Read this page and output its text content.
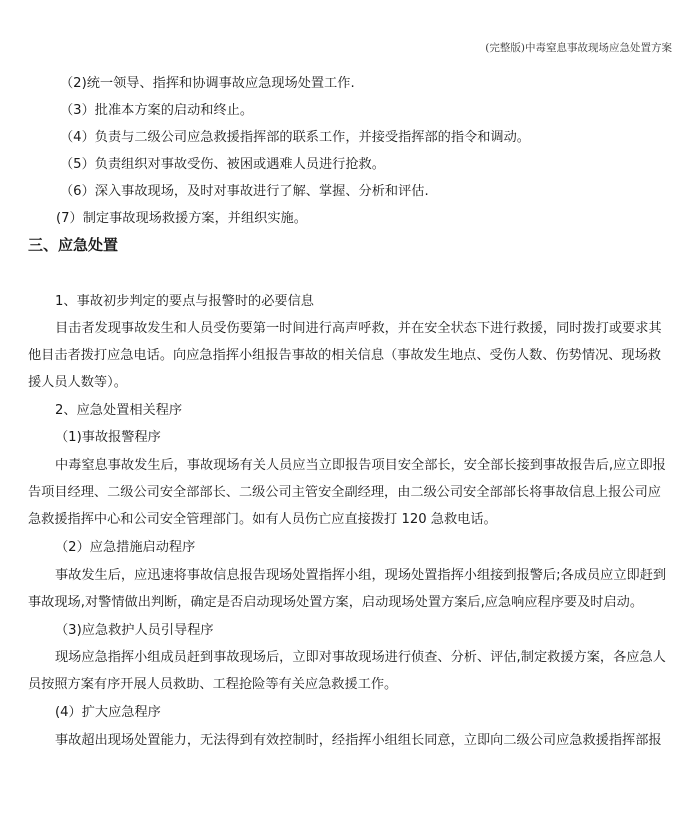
(完整版)中毒窒息事故现场应急处置方案
（2)统一领导、指挥和协调事故应急现场处置工作.
（3）批准本方案的启动和终止。
（4）负责与二级公司应急救援指挥部的联系工作，并接受指挥部的指令和调动。
（5）负责组织对事故受伤、被困或遇难人员进行抢救。
（6）深入事故现场，及时对事故进行了解、掌握、分析和评估.
(7）制定事故现场救援方案，并组织实施。
三、应急处置
1、事故初步判定的要点与报警时的必要信息
目击者发现事故发生和人员受伤要第一时间进行高声呼救，并在安全状态下进行救援，同时拨打或要求其
他目击者拨打应急电话。向应急指挥小组报告事故的相关信息（事故发生地点、受伤人数、伤势情况、现场救
援人员人数等）。
2、应急处置相关程序
（1)事故报警程序
中毒窒息事故发生后，事故现场有关人员应当立即报告项目安全部长，安全部长接到事故报告后,应立即报
告项目经理、二级公司安全部部长、二级公司主管安全副经理，由二级公司安全部部长将事故信息上报公司应
急救援指挥中心和公司安全管理部门。如有人员伤亡应直接拨打 120 急救电话。
（2）应急措施启动程序
事故发生后，应迅速将事故信息报告现场处置指挥小组，现场处置指挥小组接到报警后;各成员应立即赶到
事故现场,对警情做出判断，确定是否启动现场处置方案，启动现场处置方案后,应急响应程序要及时启动。
（3)应急救护人员引导程序
现场应急指挥小组成员赶到事故现场后，立即对事故现场进行侦查、分析、评估,制定救援方案，各应急人
员按照方案有序开展人员救助、工程抢险等有关应急救援工作。
(4）扩大应急程序
事故超出现场处置能力，无法得到有效控制时，经指挥小组组长同意，立即向二级公司应急救援指挥部报
